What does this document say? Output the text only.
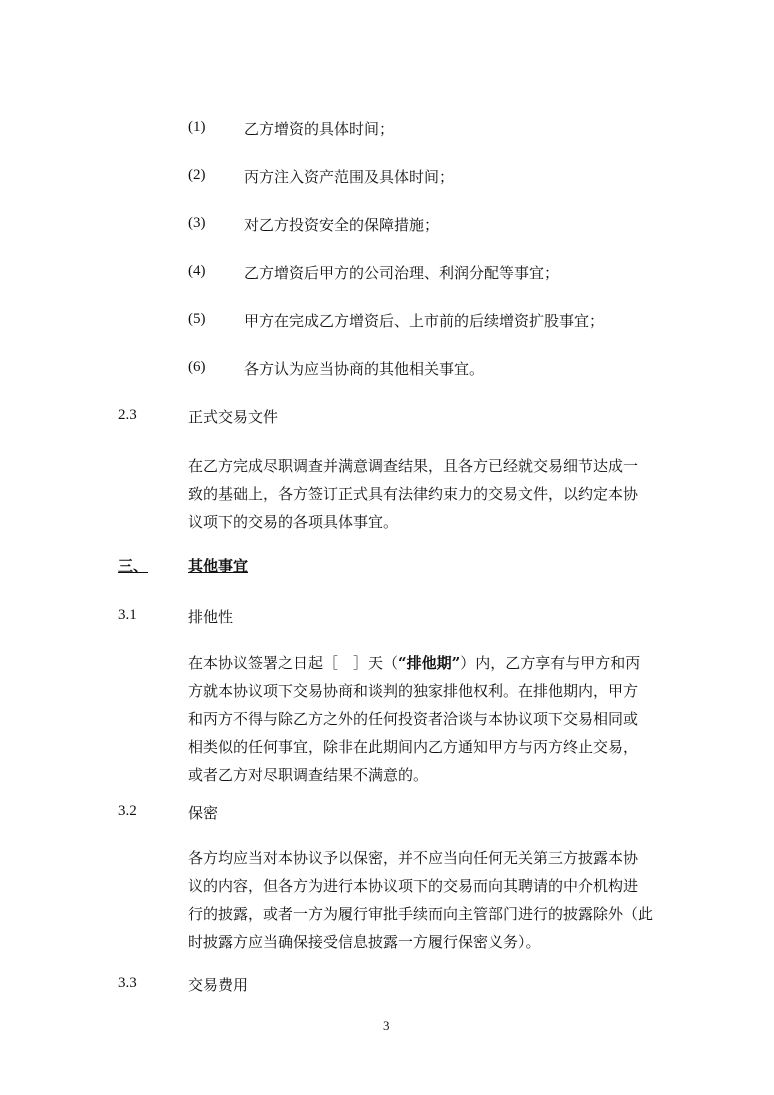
(1)	乙方增资的具体时间；
(2)	丙方注入资产范围及具体时间；
(3)	对乙方投资安全的保障措施；
(4)	乙方增资后甲方的公司治理、利润分配等事宜；
(5)	甲方在完成乙方增资后、上市前的后续增资扩股事宜；
(6)	各方认为应当协商的其他相关事宜。
2.3	正式交易文件
在乙方完成尽职调查并满意调查结果，且各方已经就交易细节达成一
致的基础上，各方签订正式具有法律约束力的交易文件，以约定本协
议项下的交易的各项具体事宜。
三、	其他事宜
3.1	排他性
在本协议签署之日起［　］天（“排他期”）内，乙方享有与甲方和丙
方就本协议项下交易协商和谈判的独家排他权利。在排他期内，甲方
和丙方不得与除乙方之外的任何投资者洽谈与本协议项下交易相同或
相类似的任何事宜，除非在此期间内乙方通知甲方与丙方终止交易，
或者乙方对尽职调查结果不满意的。
3.2	保密
各方均应当对本协议予以保密，并不应当向任何无关第三方披露本协
议的内容，但各方为进行本协议项下的交易而向其聘请的中介机构进
行的披露，或者一方为履行审批手续而向主管部门进行的披露除外（此
时披露方应当确保接受信息披露一方履行保密义务）。
3.3	交易费用
3
